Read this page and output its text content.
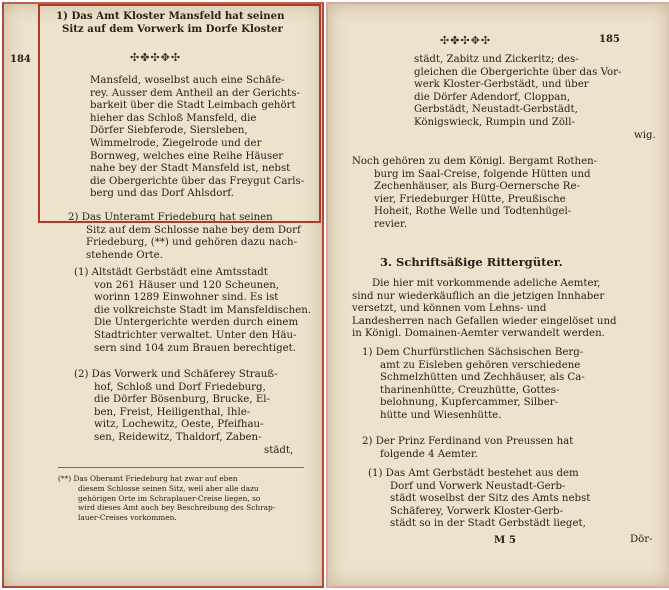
1) Das Amt Kloster Mansfeld hat seinen
Sitz auf dem Vorwerk im Dorfe Kloster
184	✣✤✣✥✣
Mansfeld, woselbst auch eine Schäfe-
rey. Ausser dem Antheil an der Gerichts-
barkeit über die Stadt Leimbach gehört
hieher das Schloß Mansfeld, die
Dörfer Siebferode, Siersleben,
Wimmelrode, Ziegelrode und der
Bornweg, welches eine Reihe Häuser
nahe bey der Stadt Mansfeld ist, nebst
die Obergerichte über das Freygut Carls-
berg und das Dorf Ahlsdorf.
2) Das Unteramt Friedeburg hat seinen
Sitz auf dem Schlosse nahe bey dem Dorf
Friedeburg, (**) und gehören dazu nach-
stehende Orte.
(1) Altstädt Gerbstädt eine Amtsstadt
von 261 Häuser und 120 Scheunen,
worinn 1289 Einwohner sind. Es ist
die volkreichste Stadt im Mansfeldischen.
Die Untergerichte werden durch einem
Stadtrichter verwaltet. Unter den Häu-
sern sind 104 zum Brauen berechtiget.
(2) Das Vorwerk und Schäferey Strauß-
hof, Schloß und Dorf Friedeburg,
die Dörfer Bösenburg, Brucke, El-
ben, Freist, Heiligenthal, Ihle-
witz, Lochewitz, Oeste, Pfeifhau-
sen, Reidewitz, Thaldorf, Zaben-
städt,
(**) Das Oberamt Friedeburg hat zwar auf eben
diesem Schlosse seinen Sitz, weil aber alle dazu
gehörigen Orte im Schraplauer-Creise liegen, so
wird dieses Amt auch bey Beschreibung des Schrap-
lauer-Creises vorkommen.
✣✤✣✥✣	185
städt, Zabitz und Zickeritz; des-
gleichen die Obergerichte über das Vor-
werk Kloster-Gerbstädt, und über
die Dörfer Adendorf, Cloppan,
Gerbstädt, Neustadt-Gerbstädt,
Königswieck, Rumpin und Zöll-
wig.
Noch gehören zu dem Königl. Bergamt Rothen-
burg im Saal-Creise, folgende Hütten und
Zechenhäuser, als Burg-Oernersche Re-
vier, Friedeburger Hütte, Preußische
Hoheit, Rothe Welle und Todtenhügel-
revier.
3. Schriftsäßige Rittergüter.
Die hier mit vorkommende adeliche Aemter,
sind nur wiederkäuflich an die jetzigen Innhaber
versetzt, und können vom Lehns- und
Landesherren nach Gefallen wieder eingelöset und
in Königl. Domainen-Aemter verwandelt werden.
1) Dem Churfürstlichen Sächsischen Berg-
amt zu Eisleben gehören verschiedene
Schmelzhütten und Zechhäuser, als Ca-
tharinenhütte, Creuzhütte, Gottes-
belohnung, Kupfercammer, Silber-
hütte und Wiesenhütte.
2) Der Prinz Ferdinand von Preussen hat
folgende 4 Aemter.
(1) Das Amt Gerbstädt bestehet aus dem
Dorf und Vorwerk Neustadt-Gerb-
städt woselbst der Sitz des Amts nebst
Schäferey, Vorwerk Kloster-Gerb-
städt so in der Stadt Gerbstädt lieget,
M 5	Dör-
